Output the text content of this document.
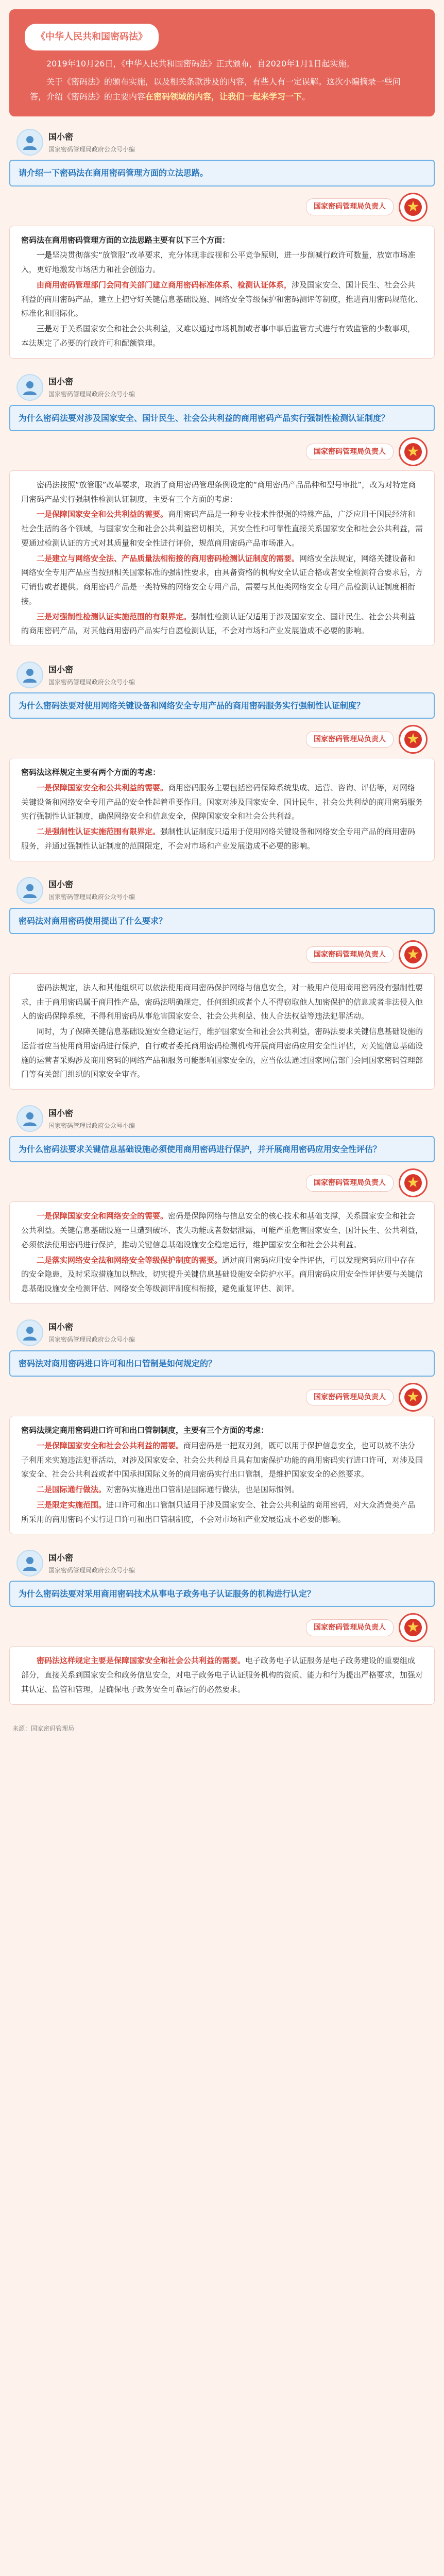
《中华人民共和国密码法》

2019年10月26日，《中华人民共和国密码法》正式颁布，自2020年1月1日起实施。

关于《密码法》的颁布实施，以及相关条款涉及的内容，有些人有一定误解。这次小编摘录一些问答，介绍《密码法》的主要内容在密码领域的内容，让我们一起来学习一下。

国小密
国家密码管理局政府公众号小编
请介绍一下密码法在商用密码管理方面的立法思路。
国家密码管理局负责人

密码法在商用密码管理方面的立法思路主要有以下三个方面：

一是坚决贯彻落实“放管服”改革要求，充分体现非歧视和公平竞争原则，进一步削减行政许可数量，放宽市场准入，更好地激发市场活力和社会创造力。

由商用密码管理部门会同有关部门建立商用密码标准体系、检测认证体系，涉及国家安全、国计民生、社会公共利益的商用密码产品，建立上把守好关键信息基础设施、网络安全等级保护和密码测评等制度，推进商用密码规范化、标准化和国际化。

三是对于关系国家安全和社会公共利益，又难以通过市场机制或者事中事后监管方式进行有效监管的少数事项，本法规定了必要的行政许可和配额管理。

国小密
国家密码管理局政府公众号小编
为什么密码法要对涉及国家安全、国计民生、社会公共利益的商用密码产品实行强制性检测认证制度？
国家密码管理局负责人

密码法按照“放管服”改革要求，取消了商用密码管理条例设定的“商用密码产品品种和型号审批”，改为对特定商用密码产品实行强制性检测认证制度，主要有三个方面的考虑：

一是保障国家安全和公共利益的需要。商用密码产品是一种专业技术性很强的特殊产品，广泛应用于国民经济和社会生活的各个领域，与国家安全和社会公共利益密切相关，其安全性和可靠性直接关系国家安全和社会公共利益，需要通过检测认证的方式对其质量和安全性进行评价，规范商用密码产品市场准入。

二是建立与网络安全法、产品质量法相衔接的商用密码检测认证制度的需要。网络安全法规定，网络关键设备和网络安全专用产品应当按照相关国家标准的强制性要求，由具备资格的机构安全认证合格或者安全检测符合要求后，方可销售或者提供。商用密码产品是一类特殊的网络安全专用产品，需要与其他类网络安全专用产品检测认证制度相衔接。

三是对强制性检测认证实施范围的有限界定。强制性检测认证仅适用于涉及国家安全、国计民生、社会公共利益的商用密码产品，对其他商用密码产品实行自愿检测认证，不会对市场和产业发展造成不必要的影响。

国小密
国家密码管理局政府公众号小编
为什么密码法要对使用网络关键设备和网络安全专用产品的商用密码服务实行强制性认证制度？
国家密码管理局负责人

密码法这样规定主要有两个方面的考虑：

一是保障国家安全和公共利益的需要。商用密码服务主要包括密码保障系统集成、运营、咨询、评估等，对网络关键设备和网络安全专用产品的安全性起着重要作用。国家对涉及国家安全、国计民生、社会公共利益的商用密码服务实行强制性认证制度，确保网络安全和信息安全，保障国家安全和社会公共利益。

二是强制性认证实施范围有限界定。强制性认证制度只适用于使用网络关键设备和网络安全专用产品的商用密码服务，并通过强制性认证制度的范围限定，不会对市场和产业发展造成不必要的影响。

国小密
国家密码管理局政府公众号小编
密码法对商用密码使用提出了什么要求？
国家密码管理局负责人

密码法规定，法人和其他组织可以依法使用商用密码保护网络与信息安全，对一般用户使用商用密码没有强制性要求，由于商用密码属于商用性产品，密码法明确规定，任何组织或者个人不得窃取他人加密保护的信息或者非法侵入他人的密码保障系统，不得利用密码从事危害国家安全、社会公共利益、他人合法权益等违法犯罪活动。

同时，为了保障关键信息基础设施安全稳定运行，维护国家安全和社会公共利益，密码法要求关键信息基础设施的运营者应当使用商用密码进行保护，自行或者委托商用密码检测机构开展商用密码应用安全性评估，对关键信息基础设施的运营者采购涉及商用密码的网络产品和服务可能影响国家安全的，应当依法通过国家网信部门会同国家密码管理部门等有关部门组织的国家安全审查。

国小密
国家密码管理局政府公众号小编
为什么密码法要求关键信息基础设施必须使用商用密码进行保护，并开展商用密码应用安全性评估？
国家密码管理局负责人

一是保障国家安全和网络安全的需要。密码是保障网络与信息安全的核心技术和基础支撑，关系国家安全和社会公共利益。关键信息基础设施一旦遭到破坏、丧失功能或者数据泄露，可能严重危害国家安全、国计民生、公共利益，必须依法使用密码进行保护，推动关键信息基础设施安全稳定运行，维护国家安全和社会公共利益。

二是落实网络安全法和网络安全等级保护制度的需要。通过商用密码应用安全性评估，可以发现密码应用中存在的安全隐患，及时采取措施加以整改，切实提升关键信息基础设施安全防护水平。商用密码应用安全性评估要与关键信息基础设施安全检测评估、网络安全等级测评制度相衔接，避免重复评估、测评。

国小密
国家密码管理局政府公众号小编
密码法对商用密码进口许可和出口管制是如何规定的？
国家密码管理局负责人

密码法规定商用密码进口许可和出口管制制度，主要有三个方面的考虑：

一是保障国家安全和社会公共利益的需要。商用密码是一把双刃剑，既可以用于保护信息安全，也可以被不法分子利用来实施违法犯罪活动，对涉及国家安全、社会公共利益且具有加密保护功能的商用密码实行进口许可，对涉及国家安全、社会公共利益或者中国承担国际义务的商用密码实行出口管制，是维护国家安全的必然要求。

二是国际通行做法。对密码实施进出口管制是国际通行做法，也是国际惯例。

三是限定实施范围。进口许可和出口管制只适用于涉及国家安全、社会公共利益的商用密码，对大众消费类产品所采用的商用密码不实行进口许可和出口管制制度，不会对市场和产业发展造成不必要的影响。

国小密
国家密码管理局政府公众号小编
为什么密码法要对采用商用密码技术从事电子政务电子认证服务的机构进行认定？
国家密码管理局负责人

密码法这样规定主要是保障国家安全和社会公共利益的需要。电子政务电子认证服务是电子政务建设的重要组成部分，直接关系到国家安全和政务信息安全，对电子政务电子认证服务机构的资质、能力和行为提出严格要求，加强对其认定、监管和管理，是确保电子政务安全可靠运行的必然要求。

来源：国家密码管理局
